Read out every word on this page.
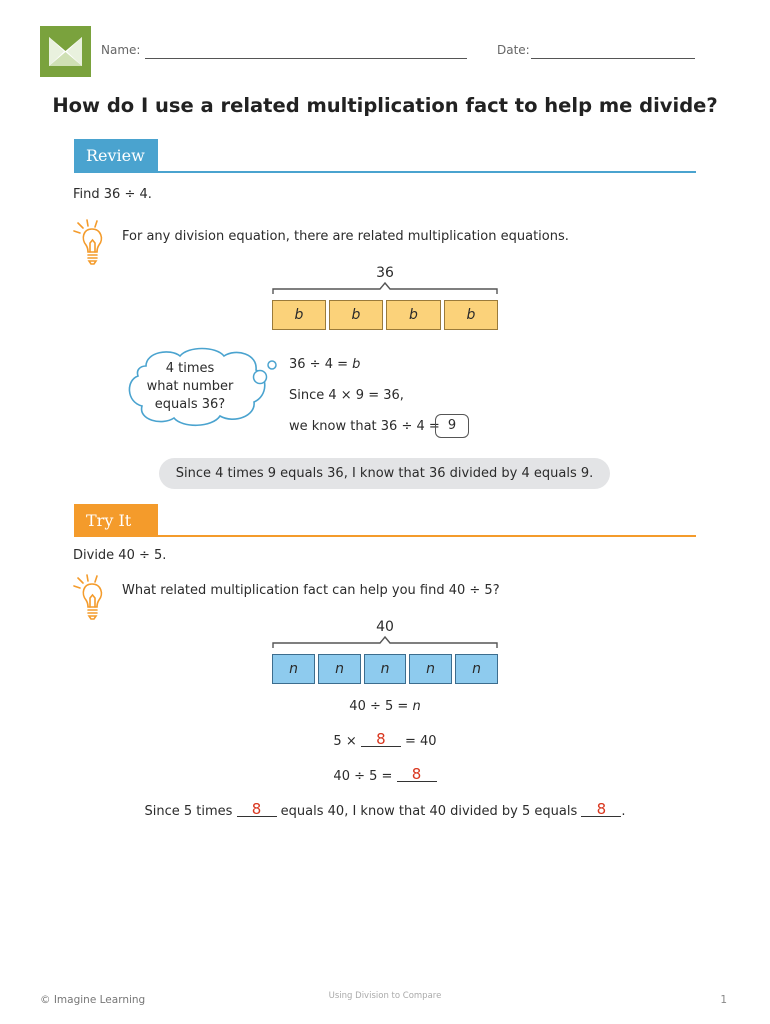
Name:	Date:
How do I use a related multiplication fact to help me divide?
Review
Find 36 ÷ 4.
For any division equation, there are related multiplication equations.
36
b	b	b	b
4 times
what number
equals 36?
36 ÷ 4 = b
Since 4 × 9 = 36,
we know that 36 ÷ 4 = 9
Since 4 times 9 equals 36, I know that 36 divided by 4 equals 9.
Try It
Divide 40 ÷ 5.
What related multiplication fact can help you find 40 ÷ 5?
40
n	n	n	n	n
40 ÷ 5 = n
5 × 8 = 40
40 ÷ 5 = 8
Since 5 times 8 equals 40, I know that 40 divided by 5 equals 8 .
© Imagine Learning	Using Division to Compare	1
